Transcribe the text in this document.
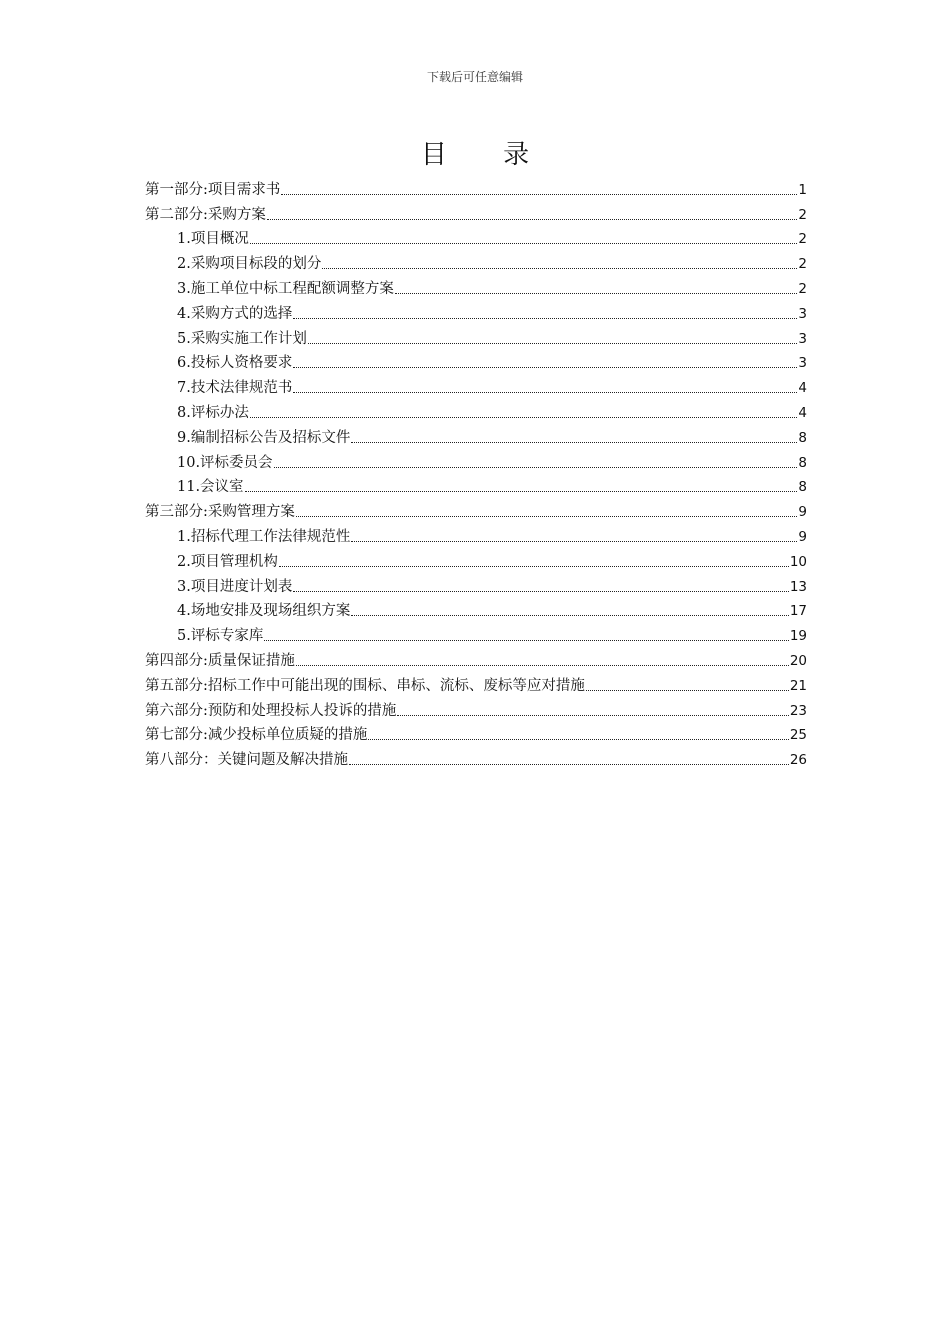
下载后可任意编辑
目 录
第一部分:项目需求书	1
第二部分:采购方案	2
1.项目概况	2
2.采购项目标段的划分	2
3.施工单位中标工程配额调整方案	2
4.采购方式的选择	3
5.采购实施工作计划	3
6.投标人资格要求	3
7.技术法律规范书	4
8.评标办法	4
9.编制招标公告及招标文件	8
10.评标委员会	8
11.会议室	8
第三部分:采购管理方案	9
1.招标代理工作法律规范性	9
2.项目管理机构	10
3.项目进度计划表	13
4.场地安排及现场组织方案	17
5.评标专家库	19
第四部分:质量保证措施	20
第五部分:招标工作中可能出现的围标、串标、流标、废标等应对措施	21
第六部分:预防和处理投标人投诉的措施	23
第七部分:减少投标单位质疑的措施	25
第八部分：关键问题及解决措施	26
